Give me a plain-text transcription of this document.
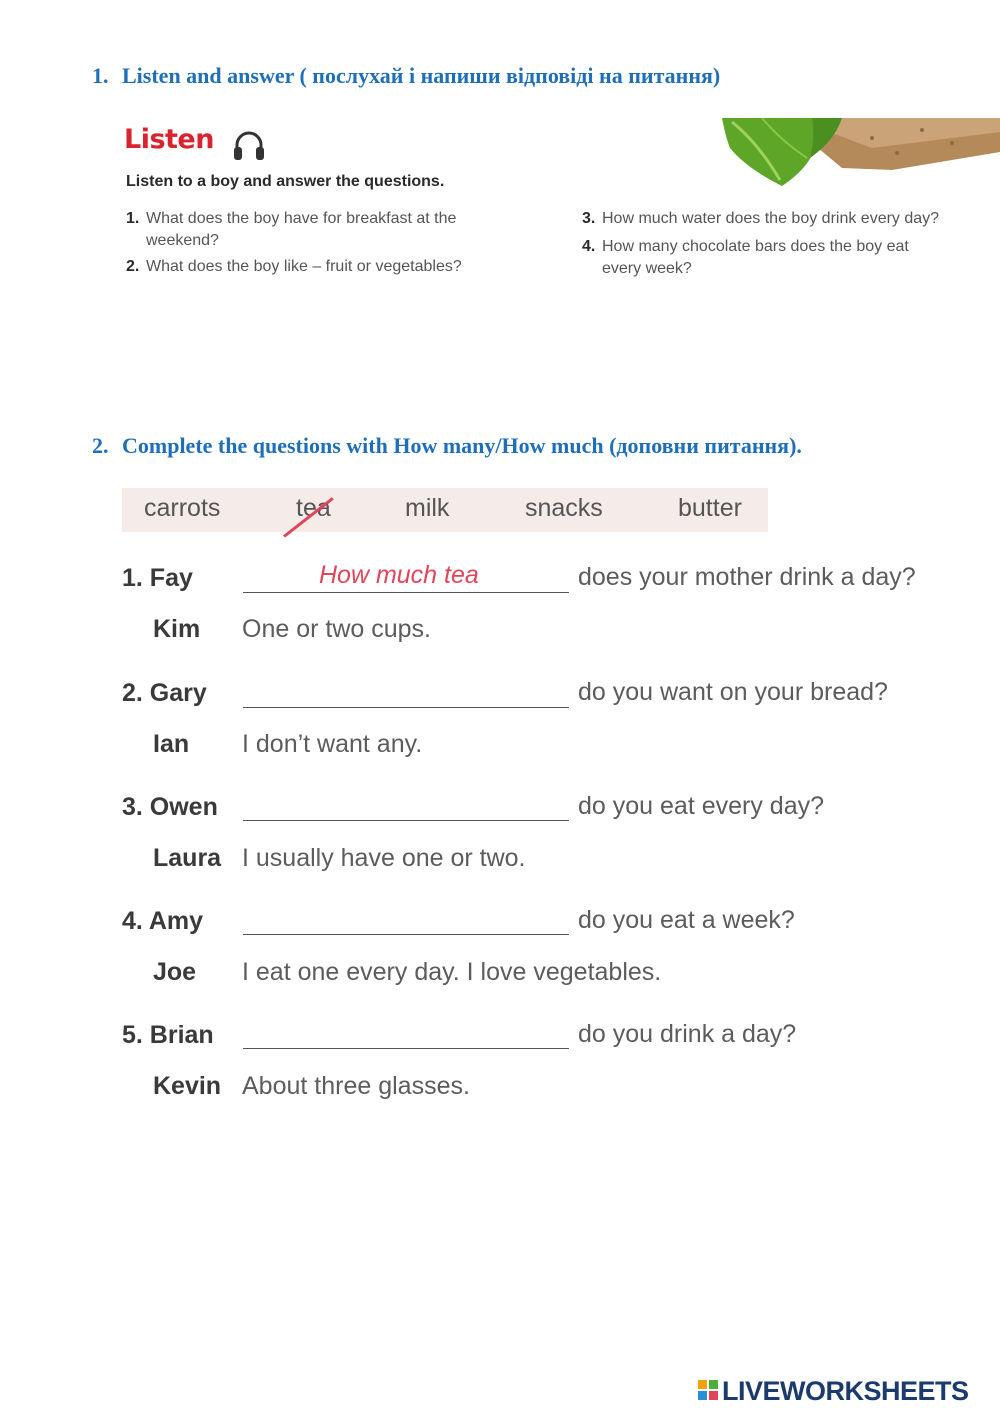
1. Listen and answer ( послухай і напиши відповіді на питання)
Listen
Listen to a boy and answer the questions.
1. What does the boy have for breakfast at the
weekend?
2. What does the boy like – fruit or vegetables?
3. How much water does the boy drink every day?
4. How many chocolate bars does the boy eat
every week?
2. Complete the questions with How many/How much (доповни питання).
carrots	tea	milk	snacks	butter
1. Fay	How much tea	does your mother drink a day?
Kim One or two cups.
2. Gary	do you want on your bread?
Ian I don’t want any.
3. Owen	do you eat every day?
Laura I usually have one or two.
4. Amy	do you eat a week?
Joe I eat one every day. I love vegetables.
5. Brian	do you drink a day?
Kevin About three glasses.
LIVEWORKSHEETS
